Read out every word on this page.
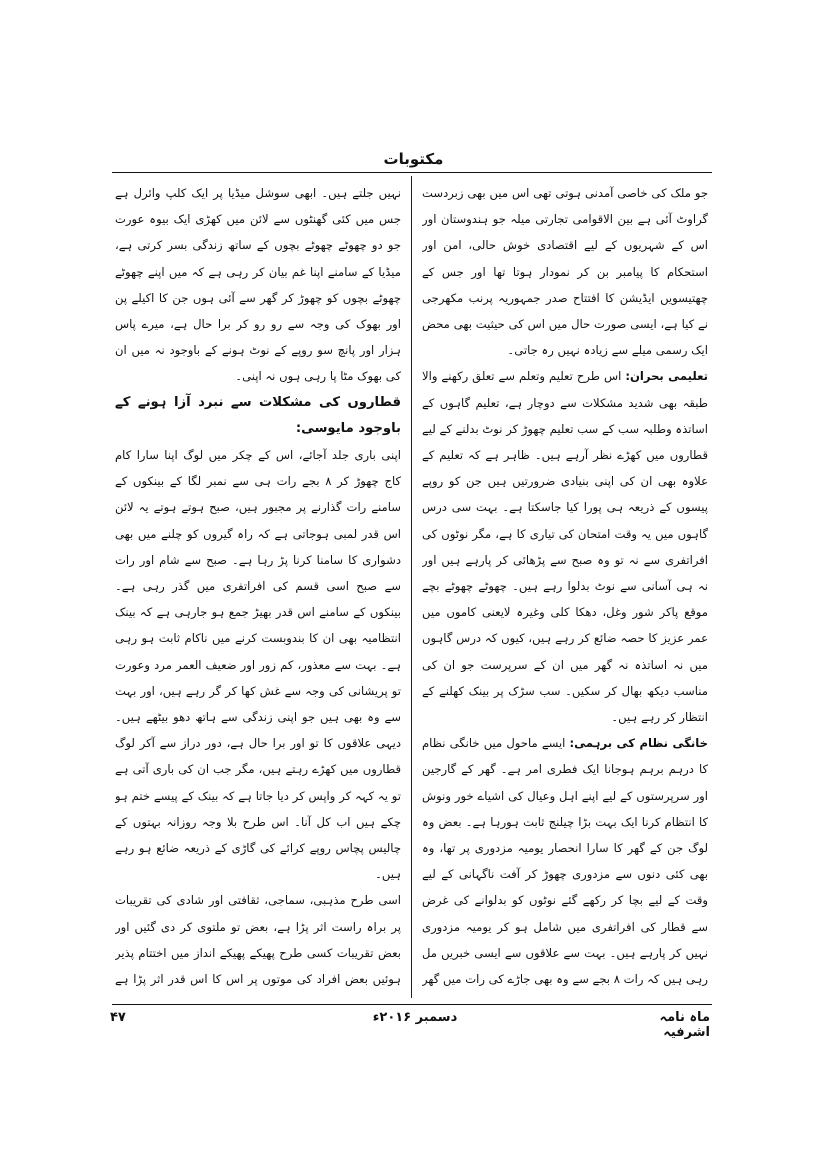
مکتوبات

جو ملک کی خاصی آمدنی ہوتی تھی اس میں بھی زبردست گراوٹ آئی ہے بین الاقوامی تجارتی میلہ جو ہندوستان اور اس کے شہریوں کے لیے اقتصادی خوش حالی، امن اور استحکام کا پیامبر بن کر نمودار ہوتا تھا اور جس کے چھتیسویں ایڈیشن کا افتتاح صدر جمہوریہ پرنب مکھرجی نے کیا ہے، ایسی صورت حال میں اس کی حیثیت بھی محض ایک رسمی میلے سے زیادہ نہیں رہ جاتی۔

تعلیمی بحران: اس طرح تعلیم وتعلم سے تعلق رکھنے والا طبقہ بھی شدید مشکلات سے دوچار ہے، تعلیم گاہوں کے اساتذہ وطلبہ سب کے سب تعلیم چھوڑ کر نوٹ بدلنے کے لیے قطاروں میں کھڑے نظر آرہے ہیں۔ ظاہر ہے کہ تعلیم کے علاوہ بھی ان کی اپنی بنیادی ضرورتیں ہیں جن کو روپے پیسوں کے ذریعہ ہی پورا کیا جاسکتا ہے۔ بہت سی درس گاہوں میں یہ وقت امتحان کی تیاری کا ہے، مگر نوٹوں کی افراتفری سے نہ تو وہ صبح سے پڑھائی کر پارہے ہیں اور نہ ہی آسانی سے نوٹ بدلوا رہے ہیں۔ چھوٹے چھوٹے بچے موقع پاکر شور وغل، دھکا کلی وغیرہ لایعنی کاموں میں عمر عزیز کا حصہ ضائع کر رہے ہیں، کیوں کہ درس گاہوں میں نہ اساتذہ نہ گھر میں ان کے سرپرست جو ان کی مناسب دیکھ بھال کر سکیں۔ سب سڑک پر بینک کھلنے کے انتظار کر رہے ہیں۔

خانگی نظام کی برہمی: ایسے ماحول میں خانگی نظام کا درہم برہم ہوجانا ایک فطری امر ہے۔ گھر کے گارجین اور سرپرستوں کے لیے اپنے اہل وعیال کی اشیاے خور ونوش کا انتظام کرنا ایک بہت بڑا چیلنج ثابت ہورہا ہے۔ بعض وہ لوگ جن کے گھر کا سارا انحصار یومیہ مزدوری پر تھا، وہ بھی کئی دنوں سے مزدوری چھوڑ کر آفت ناگہانی کے لیے وقت کے لیے بچا کر رکھے گئے نوٹوں کو بدلوانے کی غرض سے قطار کی افراتفری میں شامل ہو کر یومیہ مزدوری نہیں کر پارہے ہیں۔ بہت سے علاقوں سے ایسی خبریں مل رہی ہیں کہ رات ۸ بجے سے وہ بھی جاڑے کی رات میں گھر

نہیں جلتے ہیں۔ ابھی سوشل میڈیا پر ایک کلپ وائرل ہے جس میں کئی گھنٹوں سے لائن میں کھڑی ایک بیوہ عورت جو دو چھوٹے چھوٹے بچوں کے ساتھ زندگی بسر کرتی ہے، میڈیا کے سامنے اپنا غم بیان کر رہی ہے کہ میں اپنے چھوٹے چھوٹے بچوں کو چھوڑ کر گھر سے آئی ہوں جن کا اکیلے پن اور بھوک کی وجہ سے رو رو کر برا حال ہے، میرے پاس ہزار اور پانچ سو روپے کے نوٹ ہونے کے باوجود نہ میں ان کی بھوک مٹا پا رہی ہوں نہ اپنی۔

قطاروں کی مشکلات سے نبرد آزا ہونے کے باوجود مایوسی:

اپنی باری جلد آجائے، اس کے چکر میں لوگ اپنا سارا کام کاج چھوڑ کر ۸ بجے رات ہی سے نمبر لگا کے بینکوں کے سامنے رات گذارنے پر مجبور ہیں، صبح ہوتے ہوتے یہ لائن اس قدر لمبی ہوجاتی ہے کہ راہ گیروں کو چلنے میں بھی دشواری کا سامنا کرنا پڑ رہا ہے۔ صبح سے شام اور رات سے صبح اسی قسم کی افراتفری میں گذر رہی ہے۔ بینکوں کے سامنے اس قدر بھیڑ جمع ہو جارہی ہے کہ بینک انتظامیہ بھی ان کا بندوبست کرنے میں ناکام ثابت ہو رہی ہے۔ بہت سے معذور، کم زور اور ضعیف العمر مرد وعورت تو پریشانی کی وجہ سے غش کھا کر گر رہے ہیں، اور بہت سے وہ بھی ہیں جو اپنی زندگی سے ہاتھ دھو بیٹھے ہیں۔ دیہی علاقوں کا تو اور برا حال ہے، دور دراز سے آکر لوگ قطاروں میں کھڑے رہتے ہیں، مگر جب ان کی باری آتی ہے تو یہ کہہ کر واپس کر دیا جاتا ہے کہ بینک کے پیسے ختم ہو چکے ہیں اب کل آنا۔ اس طرح بلا وجہ روزانہ بہتوں کے چالیس پچاس روپے کرائے کی گاڑی کے ذریعہ ضائع ہو رہے ہیں۔

اسی طرح مذہبی، سماجی، ثقافتی اور شادی کی تقریبات پر براہ راست اثر پڑا ہے، بعض تو ملتوی کر دی گئیں اور بعض تقریبات کسی طرح پھیکے پھیکے انداز میں اختتام پذیر ہوئیں بعض افراد کی موتوں پر اس کا اس قدر اثر پڑا ہے

ماہ نامہ اشرفیہ
دسمبر ۲۰۱۶ء
۴۷
